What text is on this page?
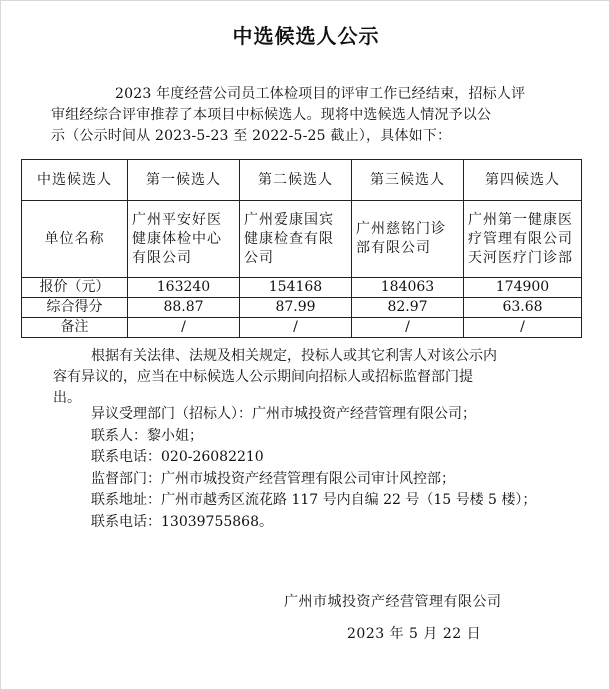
中选候选人公示
2023 年度经营公司员工体检项目的评审工作已经结束，招标人评
审组经综合评审推荐了本项目中标候选人。现将中选候选人情况予以公
示（公示时间从 2023-5-23 至 2022-5-25 截止），具体如下：
中选候选人	第一候选人	第二候选人	第三候选人	第四候选人
单位名称	广州平安好医健康体检中心有限公司	广州爱康国宾健康检查有限公司	广州慈铭门诊部有限公司	广州第一健康医疗管理有限公司天河医疗门诊部
报价（元）	163240	154168	184063	174900
综合得分	88.87	87.99	82.97	63.68
备注	/	/	/	/
根据有关法律、法规及相关规定，投标人或其它利害人对该公示内
容有异议的，应当在中标候选人公示期间向招标人或招标监督部门提
出。
异议受理部门（招标人）：广州市城投资产经营管理有限公司；
联系人：黎小姐；
联系电话：020-26082210
监督部门：广州市城投资产经营管理有限公司审计风控部；
联系地址：广州市越秀区流花路 117 号内自编 22 号（15 号楼 5 楼）；
联系电话：13039755868。
广州市城投资产经营管理有限公司
2023 年 5 月 22 日
